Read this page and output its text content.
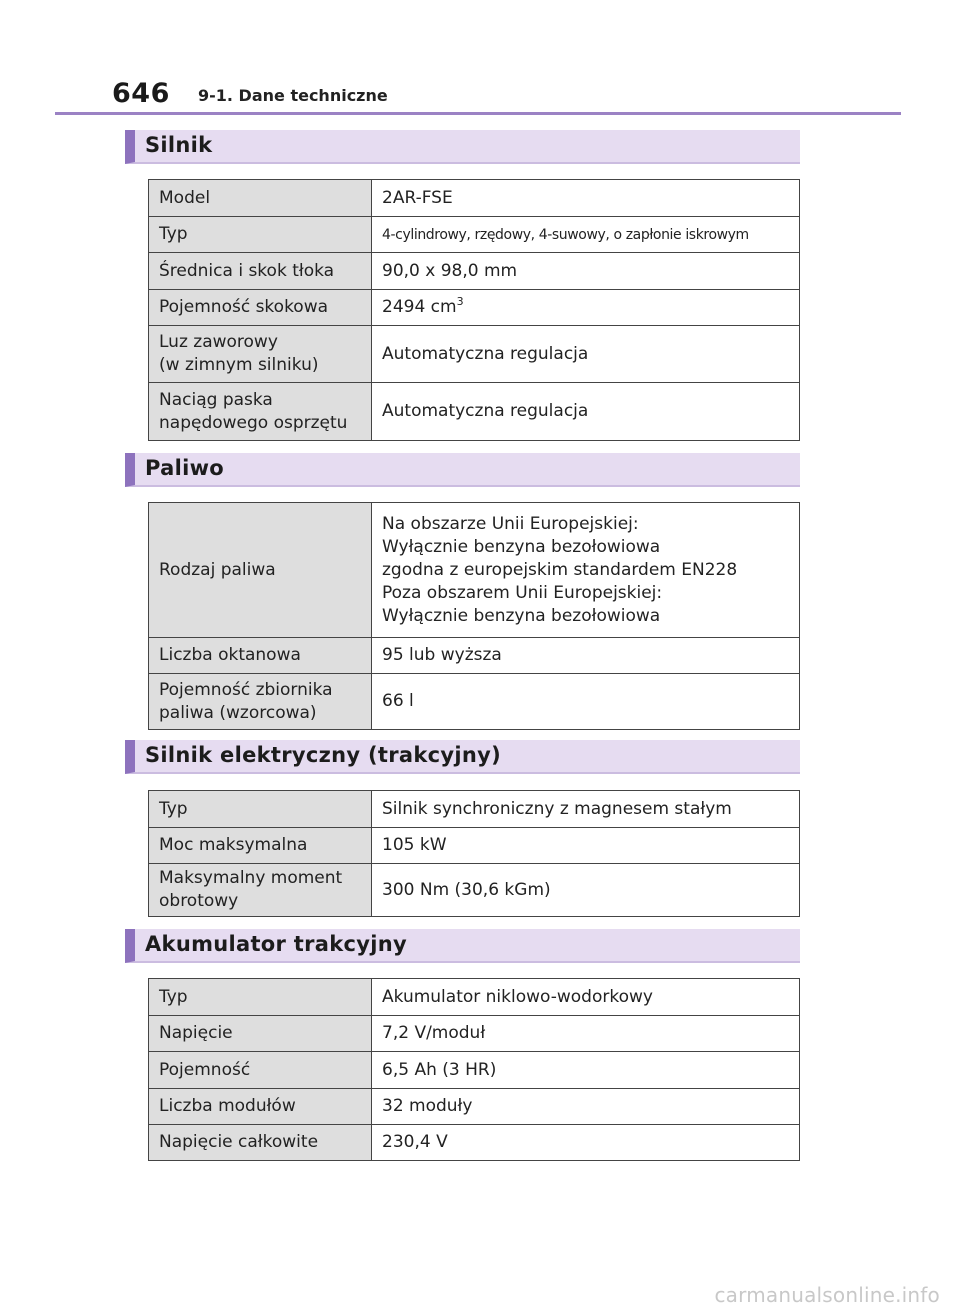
646 9-1. Dane techniczne
Silnik
Model	2AR-FSE
Typ	4-cylindrowy, rzędowy, 4-suwowy, o zapłonie iskrowym
Średnica i skok tłoka	90,0 x 98,0 mm
Pojemność skokowa	2494 $cm^3$
Luz zaworowy
(w zimnym silniku)	Automatyczna regulacja
Naciąg paska
napędowego osprzętu	Automatyczna regulacja
Paliwo
Rodzaj paliwa	Na obszarze Unii Europejskiej:
Wyłącznie benzyna bezołowiowa
zgodna z europejskim standardem EN228
Poza obszarem Unii Europejskiej:
Wyłącznie benzyna bezołowiowa
Liczba oktanowa	95 lub wyższa
Pojemność zbiornika
paliwa (wzorcowa)	66 l
Silnik elektryczny (trakcyjny)
Typ	Silnik synchroniczny z magnesem stałym
Moc maksymalna	105 kW
Maksymalny moment
obrotowy	300 Nm (30,6 kGm)
Akumulator trakcyjny
Typ	Akumulator niklowo-wodorkowy
Napięcie	7,2 V/moduł
Pojemność	6,5 Ah (3 HR)
Liczba modułów	32 moduły
Napięcie całkowite	230,4 V
carmanualsonline.info
